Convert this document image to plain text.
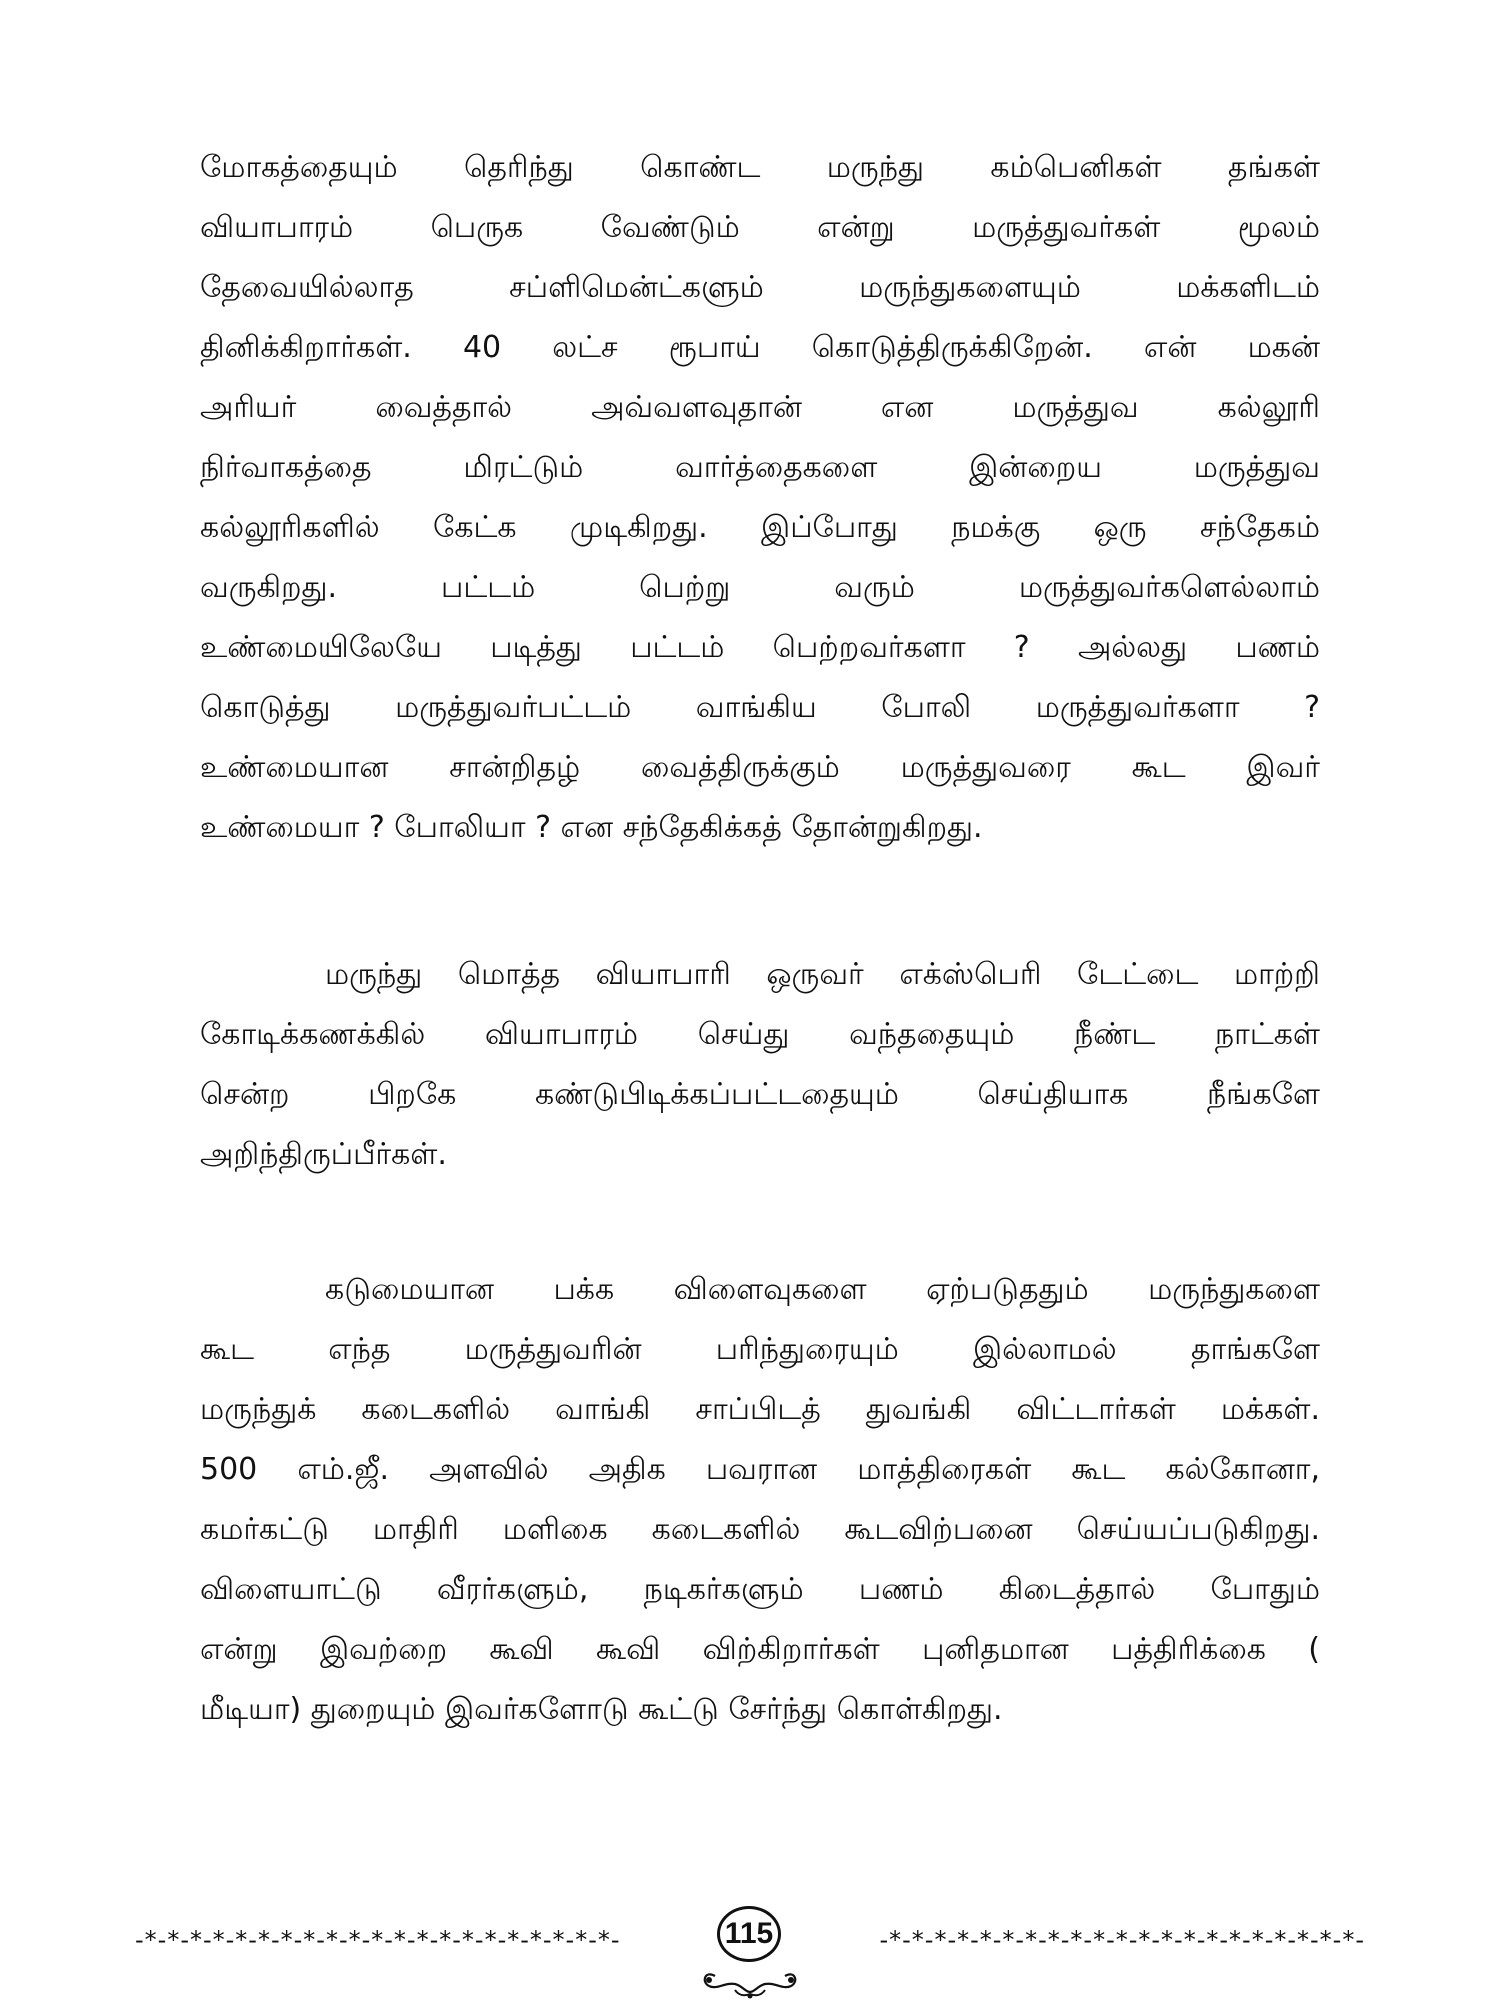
மோகத்தையும் தெரிந்து கொண்ட மருந்து கம்பெனிகள் தங்கள்
வியாபாரம் பெருக வேண்டும் என்று மருத்துவர்கள் மூலம்
தேவையில்லாத சப்ளிமென்ட்களும் மருந்துகளையும் மக்களிடம்
தினிக்கிறார்கள். 40 லட்ச ரூபாய் கொடுத்திருக்கிறேன். என் மகன்
அரியர் வைத்தால் அவ்வளவுதான் என மருத்துவ கல்லூரி
நிர்வாகத்தை மிரட்டும் வார்த்தைகளை இன்றைய மருத்துவ
கல்லூரிகளில் கேட்க முடிகிறது. இப்போது நமக்கு ஒரு சந்தேகம்
வருகிறது. பட்டம் பெற்று வரும் மருத்துவர்களெல்லாம்
உண்மையிலேயே படித்து பட்டம் பெற்றவர்களா ? அல்லது பணம்
கொடுத்து மருத்துவர்பட்டம் வாங்கிய போலி மருத்துவர்களா ?
உண்மையான சான்றிதழ் வைத்திருக்கும் மருத்துவரை கூட இவர்
உண்மையா ? போலியா ? என சந்தேகிக்கத் தோன்றுகிறது.
மருந்து மொத்த வியாபாரி ஒருவர் எக்ஸ்பெரி டேட்டை மாற்றி
கோடிக்கணக்கில் வியாபாரம் செய்து வந்ததையும் நீண்ட நாட்கள்
சென்ற பிறகே கண்டுபிடிக்கப்பட்டதையும் செய்தியாக நீங்களே
அறிந்திருப்பீர்கள்.
கடுமையான பக்க விளைவுகளை ஏற்படுததும் மருந்துகளை
கூட எந்த மருத்துவரின் பரிந்துரையும் இல்லாமல் தாங்களே
மருந்துக் கடைகளில் வாங்கி சாப்பிடத் துவங்கி விட்டார்கள் மக்கள்.
500 எம்.ஜீ. அளவில் அதிக பவரான மாத்திரைகள் கூட கல்கோனா,
கமர்கட்டு மாதிரி மளிகை கடைகளில் கூடவிற்பனை செய்யப்படுகிறது.
விளையாட்டு வீரர்களும், நடிகர்களும் பணம் கிடைத்தால் போதும்
என்று இவற்றை கூவி கூவி விற்கிறார்கள் புனிதமான பத்திரிக்கை (
மீடியா) துறையும் இவர்களோடு கூட்டு சேர்ந்து கொள்கிறது.
-*-*-*-*-*-*-*-*-*-*-*-*-*-*-*-*-*-*-*-*-*-	115	-*-*-*-*-*-*-*-*-*-*-*-*-*-*-*-*-*-*-*-*-*-
